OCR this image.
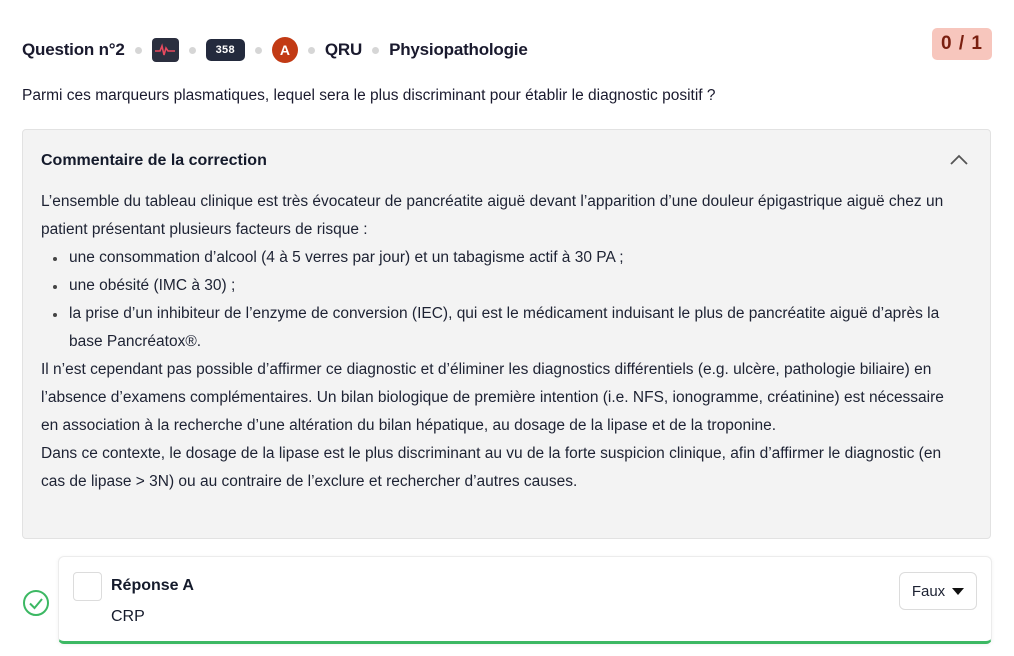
Question n°2	358	A	QRU Physiopathologie	0 / 1
Parmi ces marqueurs plasmatiques, lequel sera le plus discriminant pour établir le diagnostic positif ?
Commentaire de la correction

L’ensemble du tableau clinique est très évocateur de pancréatite aiguë devant l’apparition d’une douleur épigastrique aiguë chez un patient présentant plusieurs facteurs de risque :

une consommation d’alcool (4 à 5 verres par jour) et un tabagisme actif à 30 PA ;
une obésité (IMC à 30) ;
la prise d’un inhibiteur de l’enzyme de conversion (IEC), qui est le médicament induisant le plus de pancréatite aiguë d’après la base Pancréatox®.

Il n’est cependant pas possible d’affirmer ce diagnostic et d’éliminer les diagnostics différentiels (e.g. ulcère, pathologie biliaire) en l’absence d’examens complémentaires. Un bilan biologique de première intention (i.e. NFS, ionogramme, créatinine) est nécessaire en association à la recherche d’une altération du bilan hépatique, au dosage de la lipase et de la troponine.

Dans ce contexte, le dosage de la lipase est le plus discriminant au vu de la forte suspicion clinique, afin d’affirmer le diagnostic (en cas de lipase > 3N) ou au contraire de l’exclure et rechercher d’autres causes.

Réponse A
CRP
Faux
